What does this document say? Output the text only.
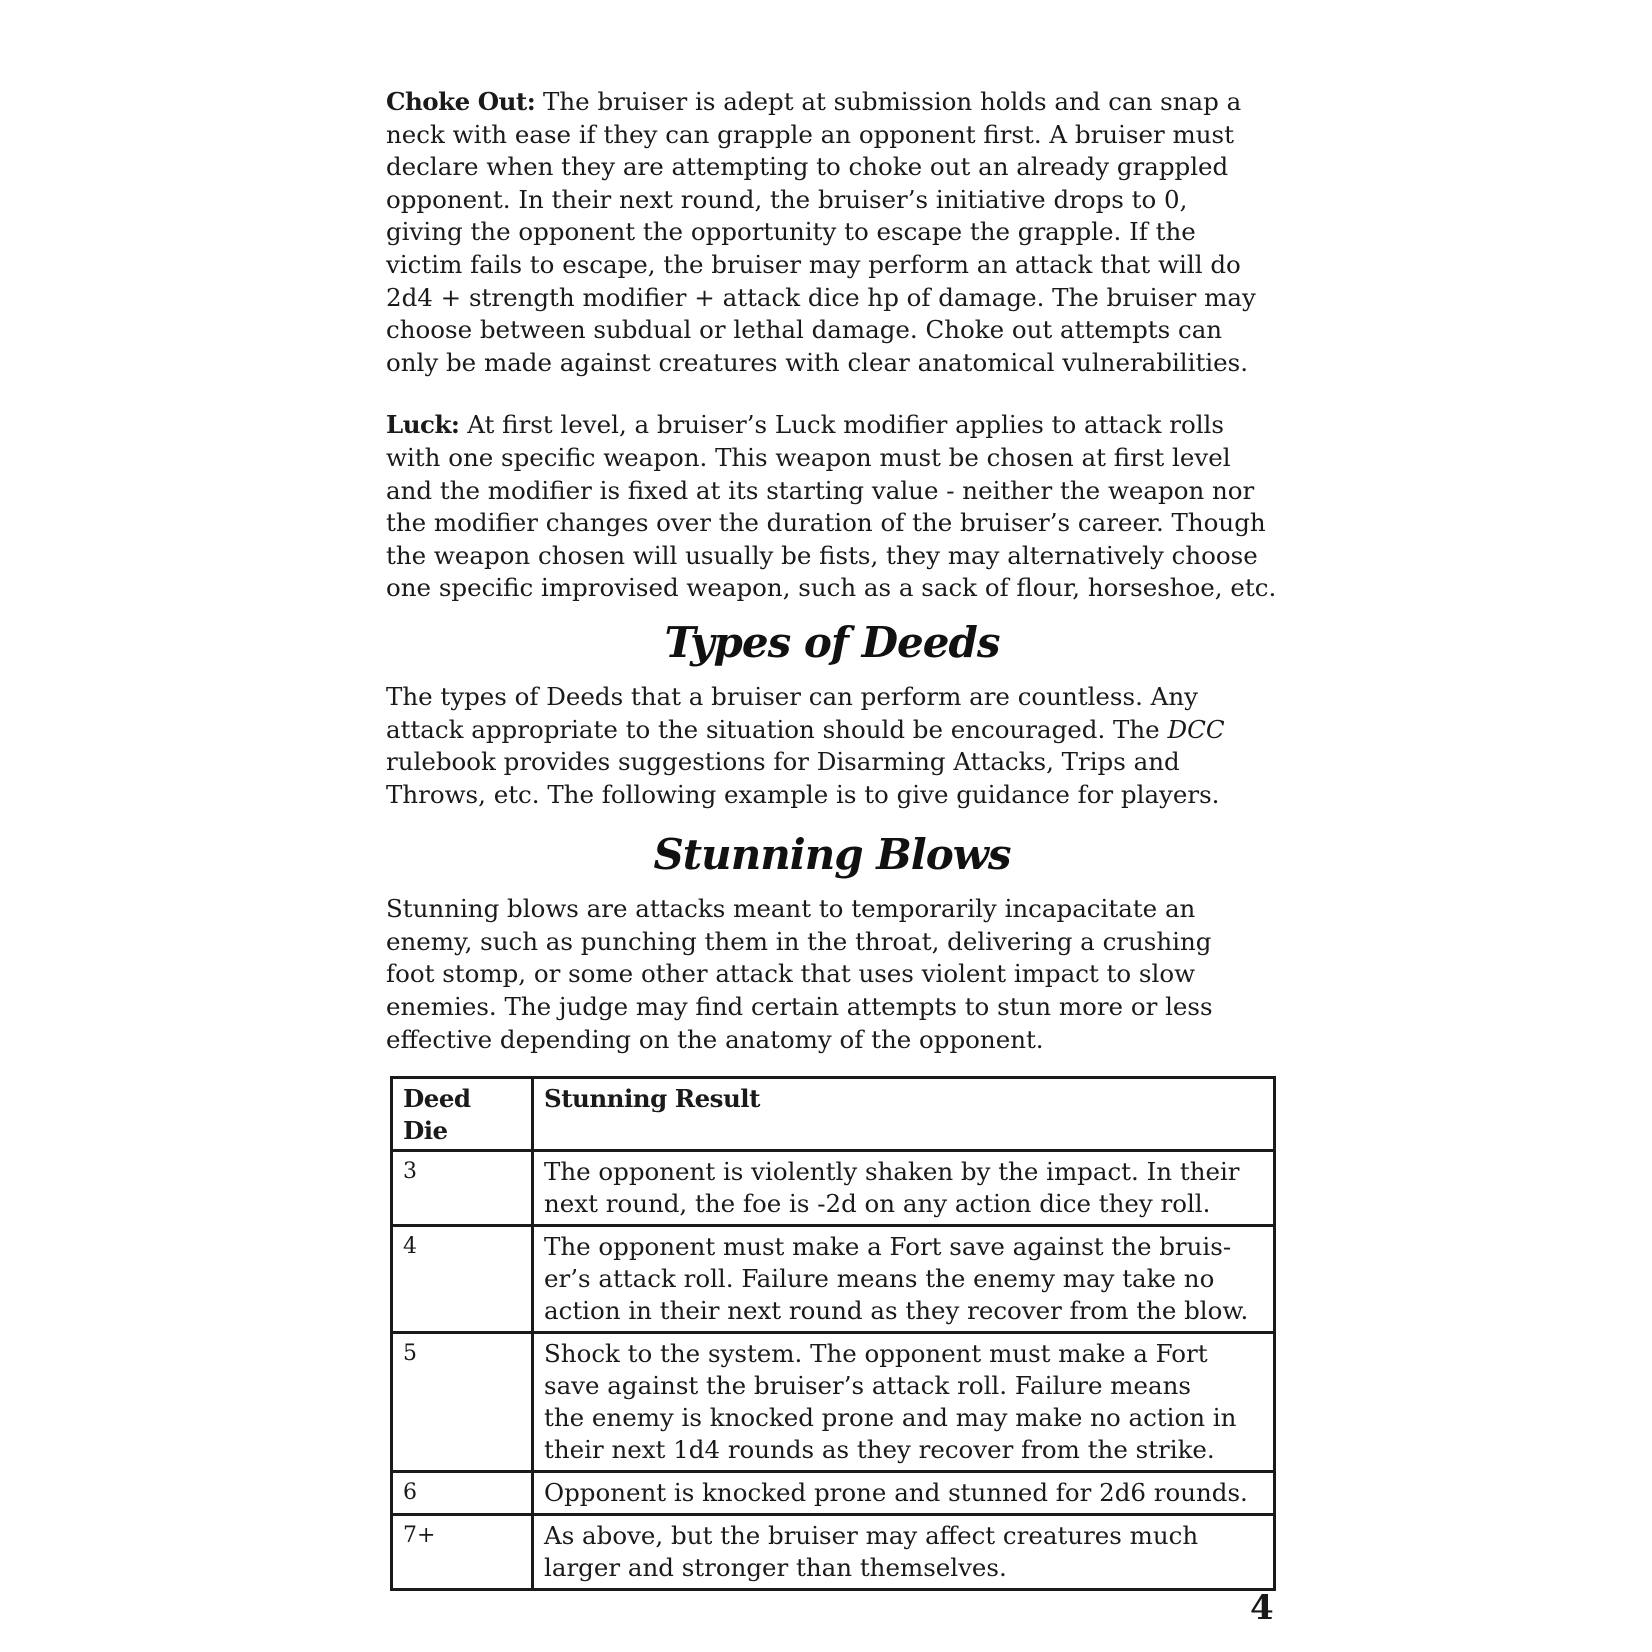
Choke Out: The bruiser is adept at submission holds and can snap a
neck with ease if they can grapple an opponent first. A bruiser must
declare when they are attempting to choke out an already grappled
opponent. In their next round, the bruiser’s initiative drops to 0,
giving the opponent the opportunity to escape the grapple. If the
victim fails to escape, the bruiser may perform an attack that will do
2d4 + strength modifier + attack dice hp of damage. The bruiser may
choose between subdual or lethal damage. Choke out attempts can
only be made against creatures with clear anatomical vulnerabilities.

Luck: At first level, a bruiser’s Luck modifier applies to attack rolls
with one specific weapon. This weapon must be chosen at first level
and the modifier is fixed at its starting value - neither the weapon nor
the modifier changes over the duration of the bruiser’s career. Though
the weapon chosen will usually be fists, they may alternatively choose
one specific improvised weapon, such as a sack of flour, horseshoe, etc.

Types of Deeds

The types of Deeds that a bruiser can perform are countless. Any
attack appropriate to the situation should be encouraged. The DCC
rulebook provides suggestions for Disarming Attacks, Trips and
Throws, etc. The following example is to give guidance for players.

Stunning Blows

Stunning blows are attacks meant to temporarily incapacitate an
enemy, such as punching them in the throat, delivering a crushing
foot stomp, or some other attack that uses violent impact to slow
enemies. The judge may find certain attempts to stun more or less
effective depending on the anatomy of the opponent.

Deed Die	Stunning Result
3	The opponent is violently shaken by the impact. In their
next round, the foe is -2d on any action dice they roll.
4	The opponent must make a Fort save against the bruis-
er’s attack roll. Failure means the enemy may take no
action in their next round as they recover from the blow.
5	Shock to the system. The opponent must make a Fort
save against the bruiser’s attack roll. Failure means
the enemy is knocked prone and may make no action in
their next 1d4 rounds as they recover from the strike.
6	Opponent is knocked prone and stunned for 2d6 rounds.
7+	As above, but the bruiser may affect creatures much
larger and stronger than themselves.
4
